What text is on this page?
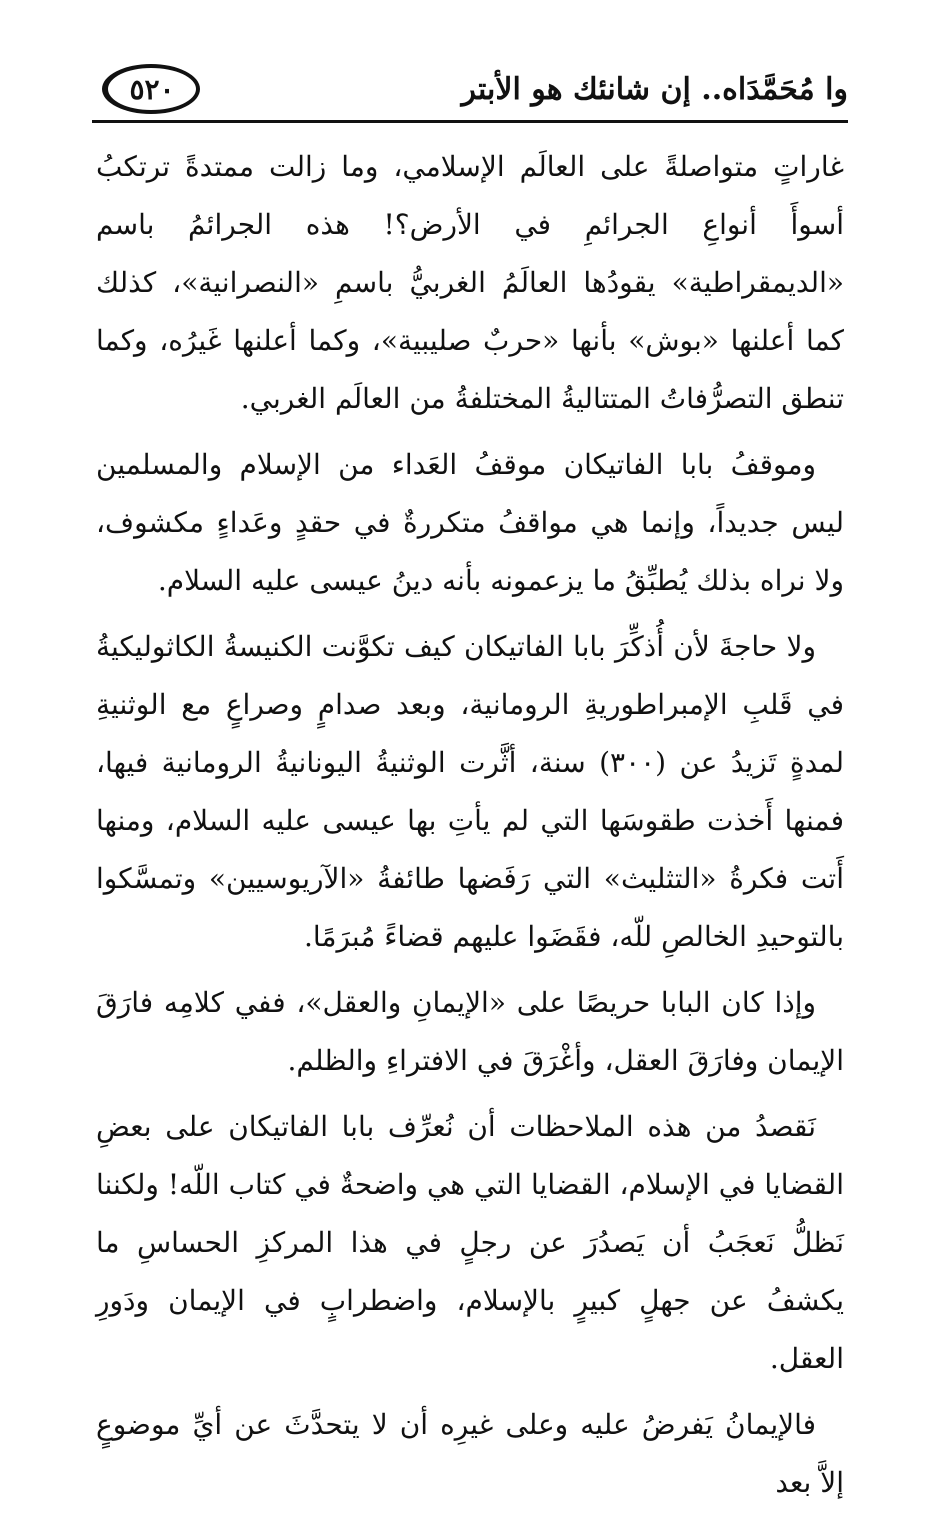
وا مُحَمَّدَاه.. إن شانئك هو الأبتر
٥٢٠

غاراتٍ متواصلةً على العالَم الإسلامي، وما زالت ممتدةً ترتكبُ أسوأَ أنواعِ الجرائمِ في الأرض؟! هذه الجرائمُ باسم «الديمقراطية» يقودُها العالَمُ الغربيُّ باسمِ «النصرانية»، كذلك كما أعلنها «بوش» بأنها «حربٌ صليبية»، وكما أعلنها غَيرُه، وكما تنطق التصرُّفاتُ المتتاليةُ المختلفةُ من العالَم الغربي.

وموقفُ بابا الفاتيكان موقفُ العَداء من الإسلام والمسلمين ليس جديداً، وإنما هي مواقفُ متكررةٌ في حقدٍ وعَداءٍ مكشوف، ولا نراه بذلك يُطبِّقُ ما يزعمونه بأنه دينُ عيسى عليه السلام.

ولا حاجةَ لأن أُذكِّرَ بابا الفاتيكان كيف تكوَّنت الكنيسةُ الكاثوليكيةُ في قَلبِ الإمبراطوريةِ الرومانية، وبعد صدامٍ وصراعٍ مع الوثنيةِ لمدةٍ تَزيدُ عن (٣٠٠) سنة، أثَّرت الوثنيةُ اليونانيةُ الرومانية فيها، فمنها أَخذت طقوسَها التي لم يأتِ بها عيسى عليه السلام، ومنها أَتت فكرةُ «التثليث» التي رَفَضها طائفةُ «الآريوسيين» وتمسَّكوا بالتوحيدِ الخالصِ للّه، فقَضَوا عليهم قضاءً مُبرَمًا.

وإذا كان البابا حريصًا على «الإيمانِ والعقل»، ففي كلامِه فارَقَ الإيمان وفارَقَ العقل، وأغْرَقَ في الافتراءِ والظلم.

نَقصدُ من هذه الملاحظات أن نُعرِّف بابا الفاتيكان على بعضِ القضايا في الإسلام، القضايا التي هي واضحةٌ في كتاب اللّه! ولكننا نَظلُّ نَعجَبُ أن يَصدُرَ عن رجلٍ في هذا المركزِ الحساسِ ما يكشفُ عن جهلٍ كبيرٍ بالإسلام، واضطرابٍ في الإيمان ودَورِ العقل.

فالإيمانُ يَفرضُ عليه وعلى غيرِه أن لا يتحدَّثَ عن أيِّ موضوعٍ إلاَّ بعد
